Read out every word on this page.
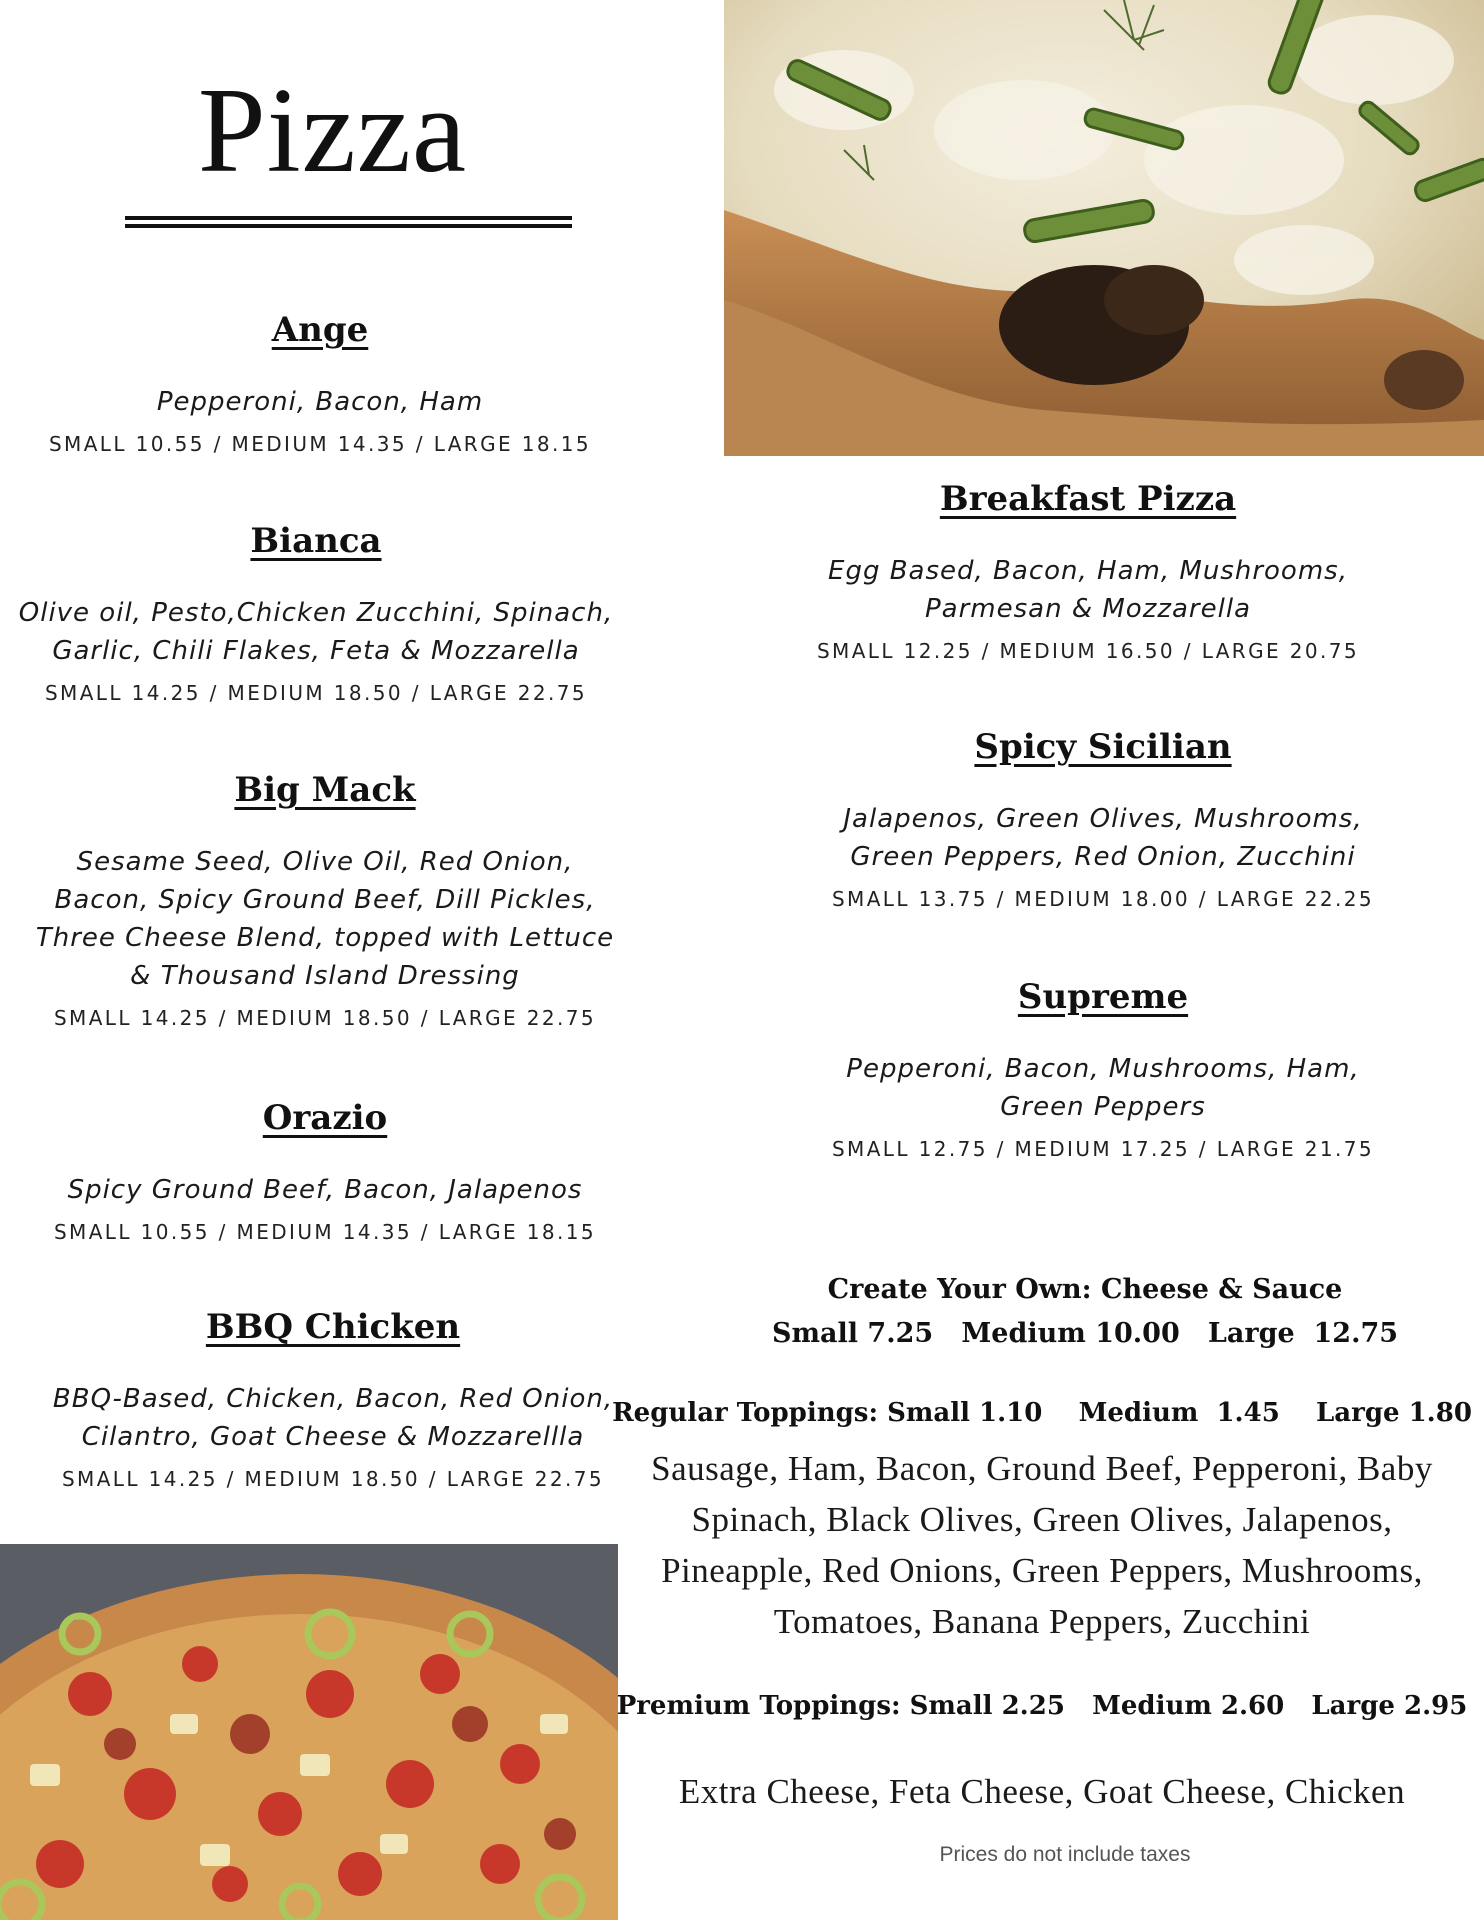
Pizza
Ange
Pepperoni, Bacon, Ham
SMALL 10.55 / MEDIUM 14.35 / LARGE 18.15
Bianca
Olive oil, Pesto,Chicken Zucchini, Spinach, Garlic, Chili Flakes, Feta & Mozzarella
SMALL 14.25 / MEDIUM 18.50 / LARGE 22.75
Big Mack
Sesame Seed, Olive Oil, Red Onion, Bacon, Spicy Ground Beef, Dill Pickles, Three Cheese Blend, topped with Lettuce & Thousand Island Dressing
SMALL 14.25 / MEDIUM 18.50 / LARGE 22.75
Orazio
Spicy Ground Beef, Bacon, Jalapenos
SMALL 10.55 / MEDIUM 14.35 / LARGE 18.15
BBQ Chicken
BBQ-Based, Chicken, Bacon, Red Onion, Cilantro, Goat Cheese & Mozzarellla
SMALL 14.25 / MEDIUM 18.50 / LARGE 22.75
Breakfast Pizza
Egg Based, Bacon, Ham, Mushrooms, Parmesan & Mozzarella
SMALL 12.25 / MEDIUM 16.50 / LARGE 20.75
Spicy Sicilian
Jalapenos, Green Olives, Mushrooms, Green Peppers, Red Onion, Zucchini
SMALL 13.75 / MEDIUM 18.00 / LARGE 22.25
Supreme
Pepperoni, Bacon, Mushrooms, Ham, Green Peppers
SMALL 12.75 / MEDIUM 17.25 / LARGE 21.75
Create Your Own: Cheese & Sauce
Small 7.25   Medium 10.00   Large  12.75
Regular Toppings: Small 1.10    Medium  1.45    Large 1.80
Sausage, Ham, Bacon, Ground Beef, Pepperoni, Baby Spinach, Black Olives, Green Olives, Jalapenos, Pineapple, Red Onions, Green Peppers, Mushrooms, Tomatoes, Banana Peppers, Zucchini
Premium Toppings: Small 2.25   Medium 2.60   Large 2.95
Extra Cheese, Feta Cheese, Goat Cheese, Chicken
Prices do not include taxes
